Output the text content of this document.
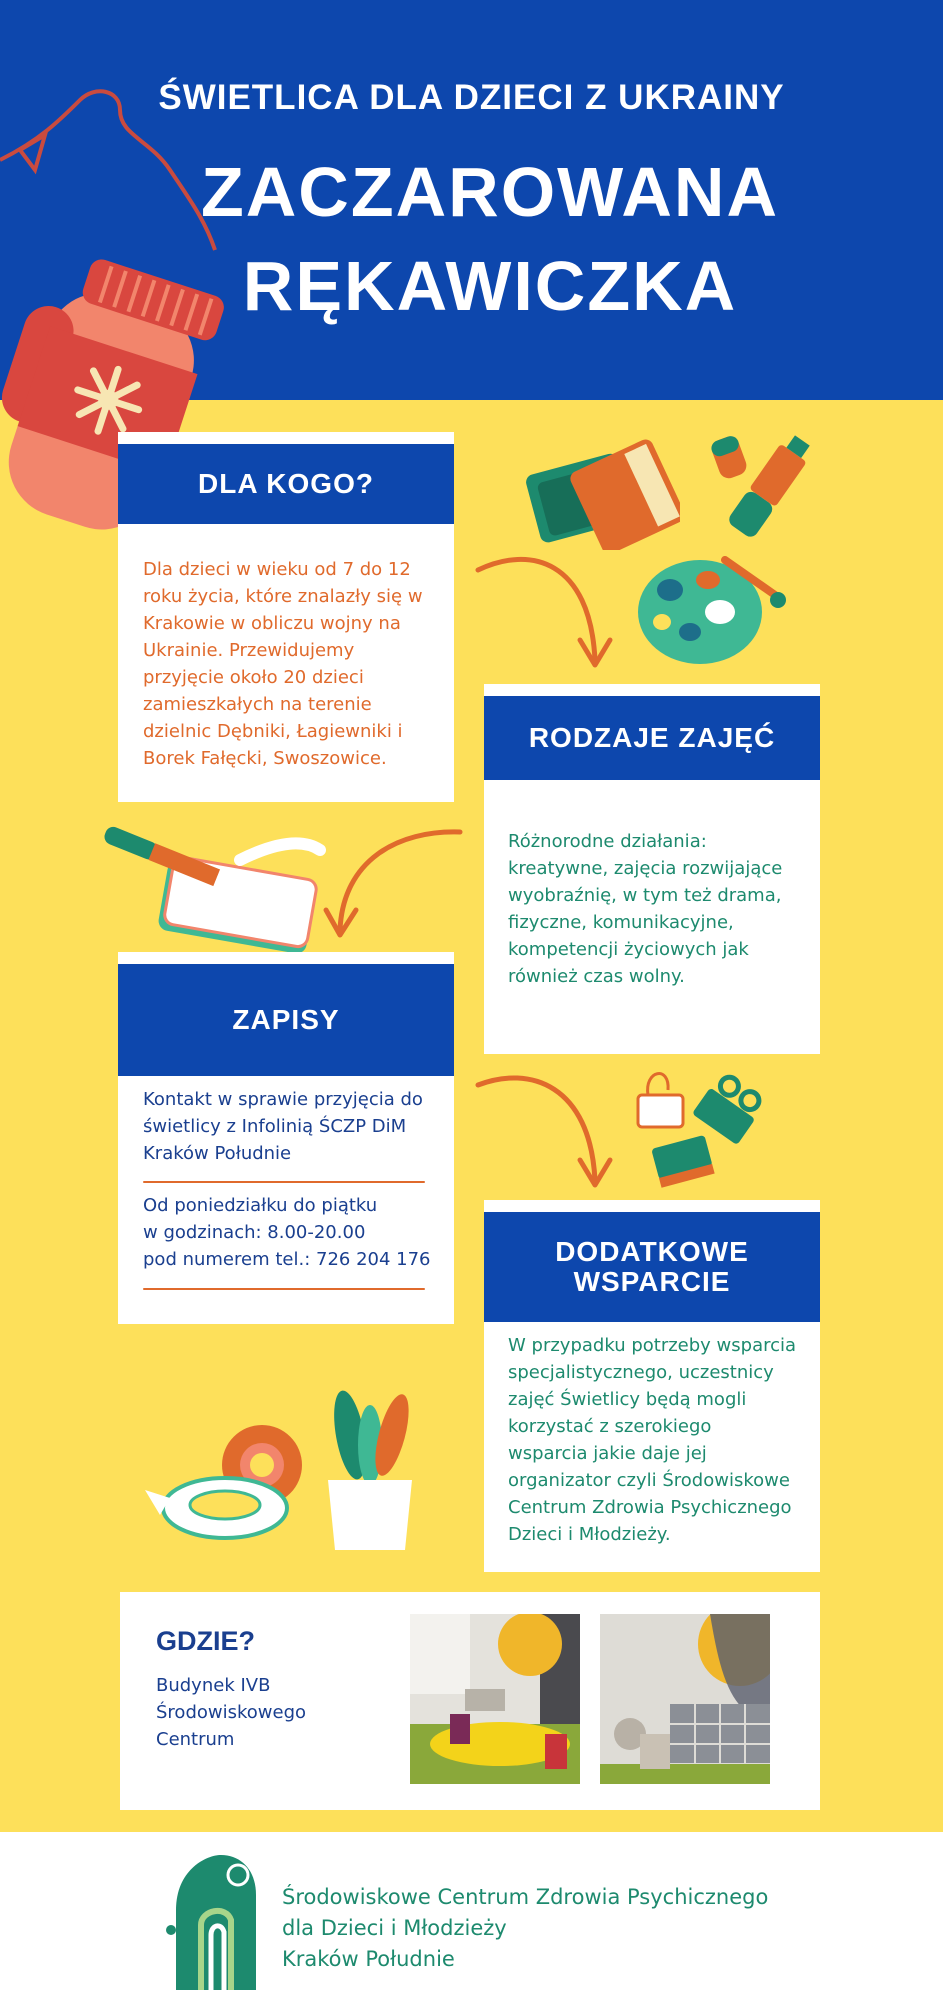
ŚWIETLICA DLA DZIECI Z UKRAINY
ZACZAROWANA
RĘKAWICZKA
DLA KOGO?
Dla dzieci w wieku od 7 do 12
roku życia, które znalazły się w
Krakowie w obliczu wojny na
Ukrainie. Przewidujemy
przyjęcie około 20 dzieci
zamieszkałych na terenie
dzielnic Dębniki, Łagiewniki i
Borek Fałęcki, Swoszowice.
RODZAJE ZAJĘĆ
Różnorodne działania:
kreatywne, zajęcia rozwijające
wyobraźnię, w tym też drama,
fizyczne, komunikacyjne,
kompetencji życiowych jak
również czas wolny.
ZAPISY
Kontakt w sprawie przyjęcia do
świetlicy z Infolinią ŚCZP DiM
Kraków Południe
Od poniedziałku do piątku
w godzinach: 8.00-20.00
pod numerem tel.: 726 204 176	DODATKOWE
WSPARCIE
W przypadku potrzeby wsparcia
specjalistycznego, uczestnicy
zajęć Świetlicy będą mogli
korzystać z szerokiego
wsparcia jakie daje jej
organizator czyli Środowiskowe
Centrum Zdrowia Psychicznego
Dzieci i Młodzieży.
GDZIE?
Budynek IVB
Środowiskowego
Centrum
Środowiskowe Centrum Zdrowia Psychicznego
dla Dzieci i Młodzieży
Kraków Południe
